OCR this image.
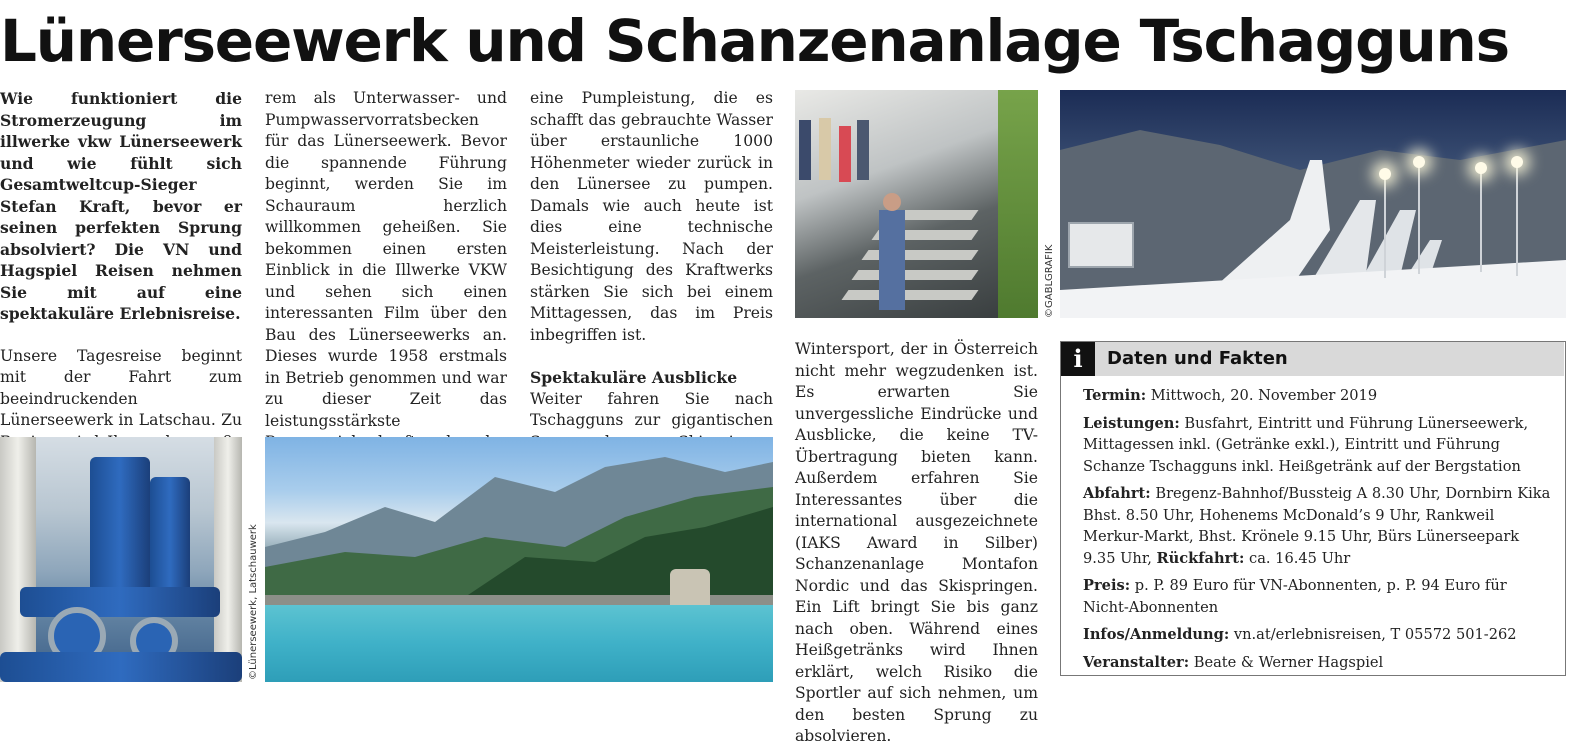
Lünerseewerk und Schanzenanlage Tschagguns

Wie funktioniert die Stromerzeugung im illwerke vkw Lünerseewerk und wie fühlt sich Gesamtweltcup-Sieger Stefan Kraft, bevor er seinen perfekten Sprung absolviert? Die VN und Hagspiel Reisen nehmen Sie mit auf eine spektakuläre Erlebnisreise.

Unsere Tagesreise beginnt mit der Fahrt zum beeindruckenden Lünerseewerk in Latschau. Zu

rem als Unterwasser- und Pumpwasservorratsbecken für das Lünerseewerk. Bevor die spannende Führung beginnt, werden Sie im Schauraum herzlich willkommen geheißen. Sie bekommen einen ersten Einblick in die Illwerke VKW und sehen sich einen interessanten Film über den Bau des Lünerseewerks an. Dieses wurde 1958 erstmals in Betrieb genommen und war zu dieser Zeit das leistungsstärkste

eine Pumpleistung, die es schafft das gebrauchte Wasser über erstaunliche 1000 Höhenmeter wieder zurück in den Lünersee zu pumpen. Damals wie auch heute ist dies eine technische Meisterleistung. Nach der Besichtigung des Kraftwerks stärken Sie sich bei einem Mittagessen, das im Preis inbegriffen ist.

Spektakuläre Ausblicke

Weiter fahren Sie nach Tschagguns zur gigantischen

Wintersport, der in Österreich nicht mehr wegzudenken ist. Es erwarten Sie unvergessliche Eindrücke und Ausblicke, die keine TV-Übertragung bieten kann. Außerdem erfahren Sie Interessantes über die international ausgezeichnete (IAKS Award in Silber) Schanzenanlage Montafon Nordic und das Skispringen. Ein Lift bringt Sie bis ganz nach oben. Während eines Heißgetränks wird Ihnen erklärt, welch Risiko die Sportler auf sich nehmen, um den besten Sprung zu absolvieren.

©Lünerseewerk, Latschauwerk
©GABLGRAFIK
i	Daten und Fakten
Termin: Mittwoch, 20. November 2019
Leistungen: Busfahrt, Eintritt und Führung Lünerseewerk, Mittagessen inkl. (Getränke exkl.), Eintritt und Führung Schanze Tschagguns inkl. Heißgetränk auf der Bergstation
Abfahrt: Bregenz-Bahnhof/Bussteig A 8.30 Uhr, Dornbirn Kika Bhst. 8.50 Uhr, Hohenems McDonald’s 9 Uhr, Rankweil Merkur-Markt, Bhst. Krönele 9.15 Uhr, Bürs Lünerseepark 9.35 Uhr, Rückfahrt: ca. 16.45 Uhr
Preis: p. P. 89 Euro für VN-Abonnenten, p. P. 94 Euro für Nicht-Abonnenten
Infos/Anmeldung: vn.at/erlebnisreisen, T 05572 501-262
Veranstalter: Beate & Werner Hagspiel
